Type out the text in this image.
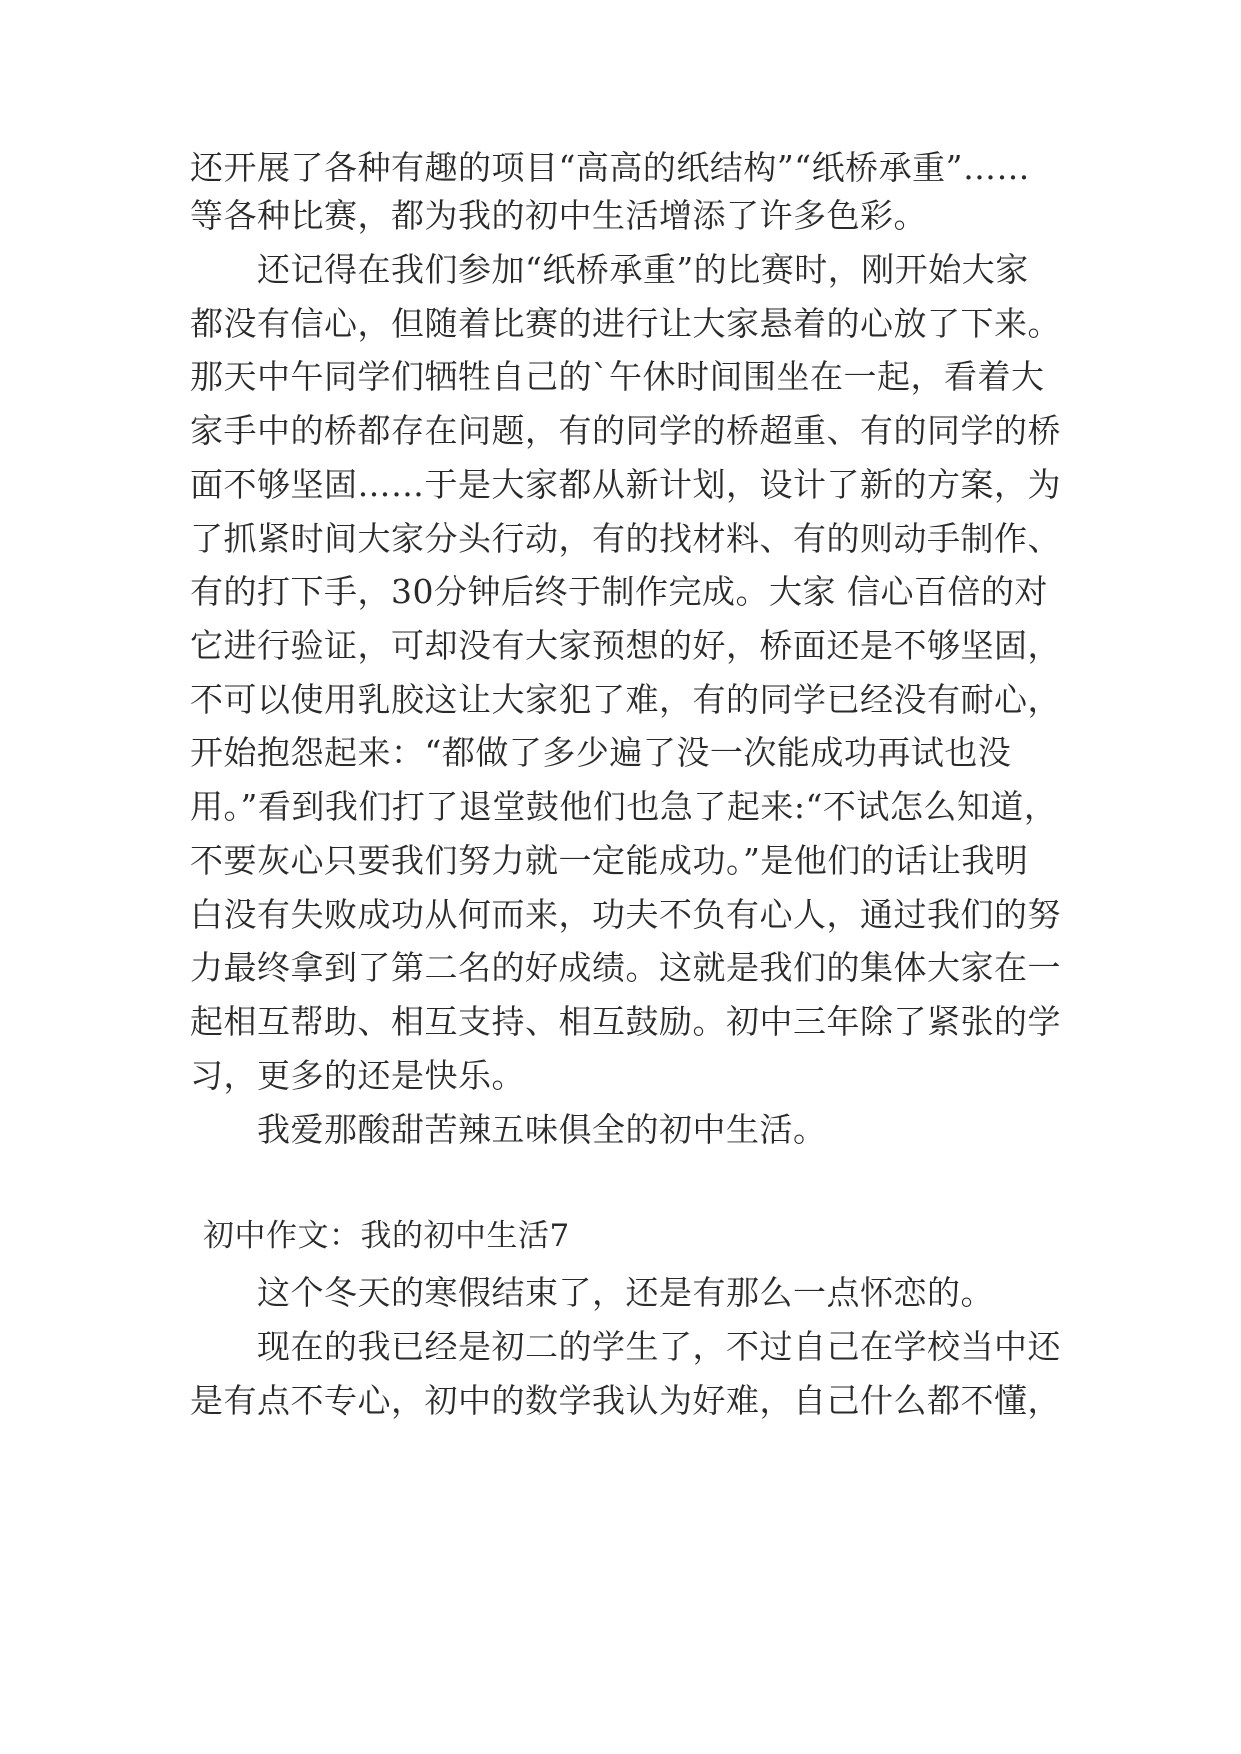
还开展了各种有趣的项目“高高的纸结构”“纸桥承重”……
等各种比赛，都为我的初中生活增添了许多色彩。
　　还记得在我们参加“纸桥承重”的比赛时，刚开始大家
都没有信心，但随着比赛的进行让大家悬着的心放了下来。
那天中午同学们牺牲自己的`午休时间围坐在一起，看着大
家手中的桥都存在问题，有的同学的桥超重、有的同学的桥
面不够坚固……于是大家都从新计划，设计了新的方案，为
了抓紧时间大家分头行动，有的找材料、有的则动手制作、
有的打下手，30分钟后终于制作完成。大家 信心百倍的对
它进行验证，可却没有大家预想的好，桥面还是不够坚固，
不可以使用乳胶这让大家犯了难，有的同学已经没有耐心，
开始抱怨起来：“都做了多少遍了没一次能成功再试也没
用。”看到我们打了退堂鼓他们也急了起来:“不试怎么知道，
不要灰心只要我们努力就一定能成功。”是他们的话让我明
白没有失败成功从何而来，功夫不负有心人，通过我们的努
力最终拿到了第二名的好成绩。这就是我们的集体大家在一
起相互帮助、相互支持、相互鼓励。初中三年除了紧张的学
习，更多的还是快乐。
　　我爱那酸甜苦辣五味俱全的初中生活。
初中作文：我的初中生活7
　　这个冬天的寒假结束了，还是有那么一点怀恋的。
　　现在的我已经是初二的学生了，不过自己在学校当中还
是有点不专心，初中的数学我认为好难，自己什么都不懂，
